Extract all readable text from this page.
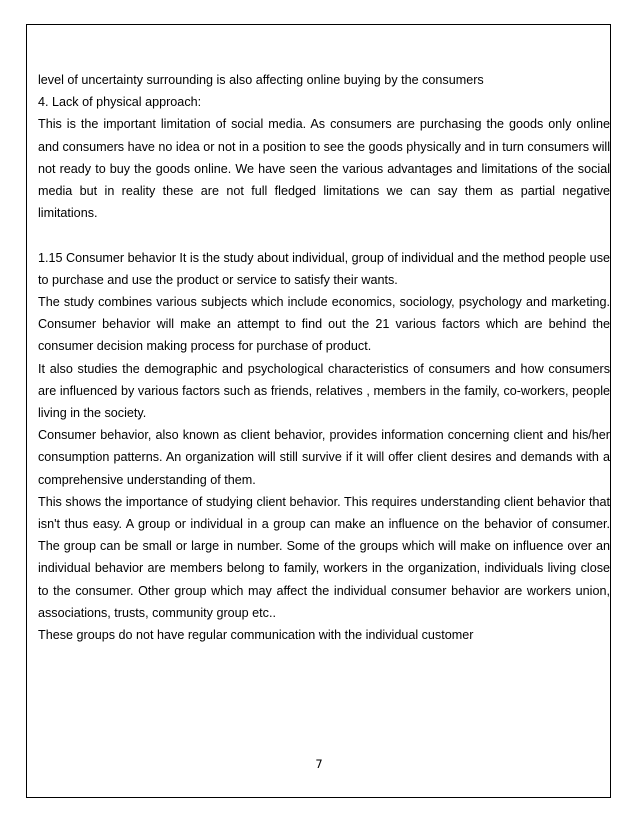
level of uncertainty surrounding is also affecting online buying by the consumers

4. Lack of physical approach:

This is the important limitation of social media. As consumers are purchasing the goods only online and consumers have no idea or not in a position to see the goods physically and in turn consumers will not ready to buy the goods online. We have seen the various advantages and limitations of the social media but in reality these are not full fledged limitations we can say them as partial negative limitations.

1.15 Consumer behavior It is the study about individual, group of individual and the method people use to purchase and use the product or service to satisfy their wants.

The study combines various subjects which include economics, sociology, psychology and marketing. Consumer behavior will make an attempt to find out the 21 various factors which are behind the consumer decision making process for purchase of product.

It also studies the demographic and psychological characteristics of consumers and how consumers are influenced by various factors such as friends, relatives , members in the family, co-workers, people living in the society.

Consumer behavior, also known as client behavior, provides information concerning client and his/her consumption patterns. An organization will still survive if it will offer client desires and demands with a comprehensive understanding of them.

This shows the importance of studying client behavior. This requires understanding client behavior that isn't thus easy. A group or individual in a group can make an influence on the behavior of consumer. The group can be small or large in number. Some of the groups which will make on influence over an individual behavior are members belong to family, workers in the organization, individuals living close to the consumer. Other group which may affect the individual consumer behavior are workers union, associations, trusts, community group etc..

These groups do not have regular communication with the individual customer

7
